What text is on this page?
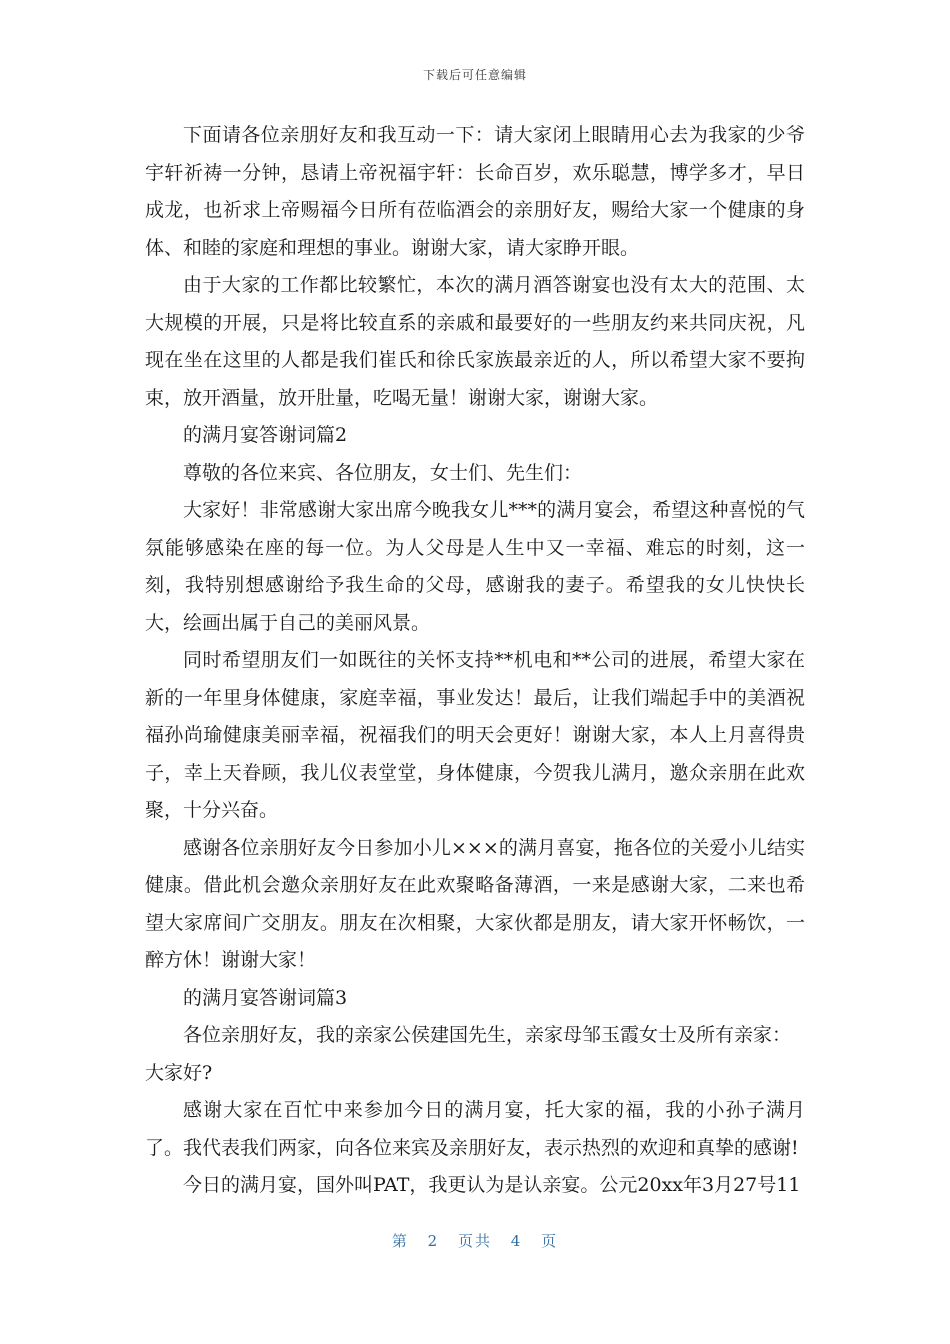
下载后可任意编辑

下面请各位亲朋好友和我互动一下：请大家闭上眼睛用心去为我家的少爷宇轩祈祷一分钟，恳请上帝祝福宇轩：长命百岁，欢乐聪慧，博学多才，早日成龙，也祈求上帝赐福今日所有莅临酒会的亲朋好友，赐给大家一个健康的身体、和睦的家庭和理想的事业。谢谢大家，请大家睁开眼。

由于大家的工作都比较繁忙，本次的满月酒答谢宴也没有太大的范围、太大规模的开展，只是将比较直系的亲戚和最要好的一些朋友约来共同庆祝，凡现在坐在这里的人都是我们崔氏和徐氏家族最亲近的人，所以希望大家不要拘束，放开酒量，放开肚量，吃喝无量！谢谢大家，谢谢大家。

的满月宴答谢词篇2

尊敬的各位来宾、各位朋友，女士们、先生们：

大家好！非常感谢大家出席今晚我女儿***的满月宴会，希望这种喜悦的气氛能够感染在座的每一位。为人父母是人生中又一幸福、难忘的时刻，这一刻，我特别想感谢给予我生命的父母，感谢我的妻子。希望我的女儿快快长大，绘画出属于自己的美丽风景。

同时希望朋友们一如既往的关怀支持**机电和**公司的进展，希望大家在新的一年里身体健康，家庭幸福，事业发达！最后，让我们端起手中的美酒祝福孙尚瑜健康美丽幸福，祝福我们的明天会更好！谢谢大家，本人上月喜得贵子，幸上天眷顾，我儿仪表堂堂，身体健康，今贺我儿满月，邀众亲朋在此欢聚，十分兴奋。

感谢各位亲朋好友今日参加小儿×××的满月喜宴，拖各位的关爱小儿结实健康。借此机会邀众亲朋好友在此欢聚略备薄酒，一来是感谢大家，二来也希望大家席间广交朋友。朋友在次相聚，大家伙都是朋友，请大家开怀畅饮，一醉方休！谢谢大家！

的满月宴答谢词篇3

各位亲朋好友，我的亲家公侯建国先生，亲家母邹玉霞女士及所有亲家：

大家好?

感谢大家在百忙中来参加今日的满月宴，托大家的福，我的小孙子满月了。我代表我们两家，向各位来宾及亲朋好友，表示热烈的欢迎和真挚的感谢!

今日的满月宴，国外叫PAT，我更认为是认亲宴。公元20xx年3月27号11

第 2 页共 4 页
